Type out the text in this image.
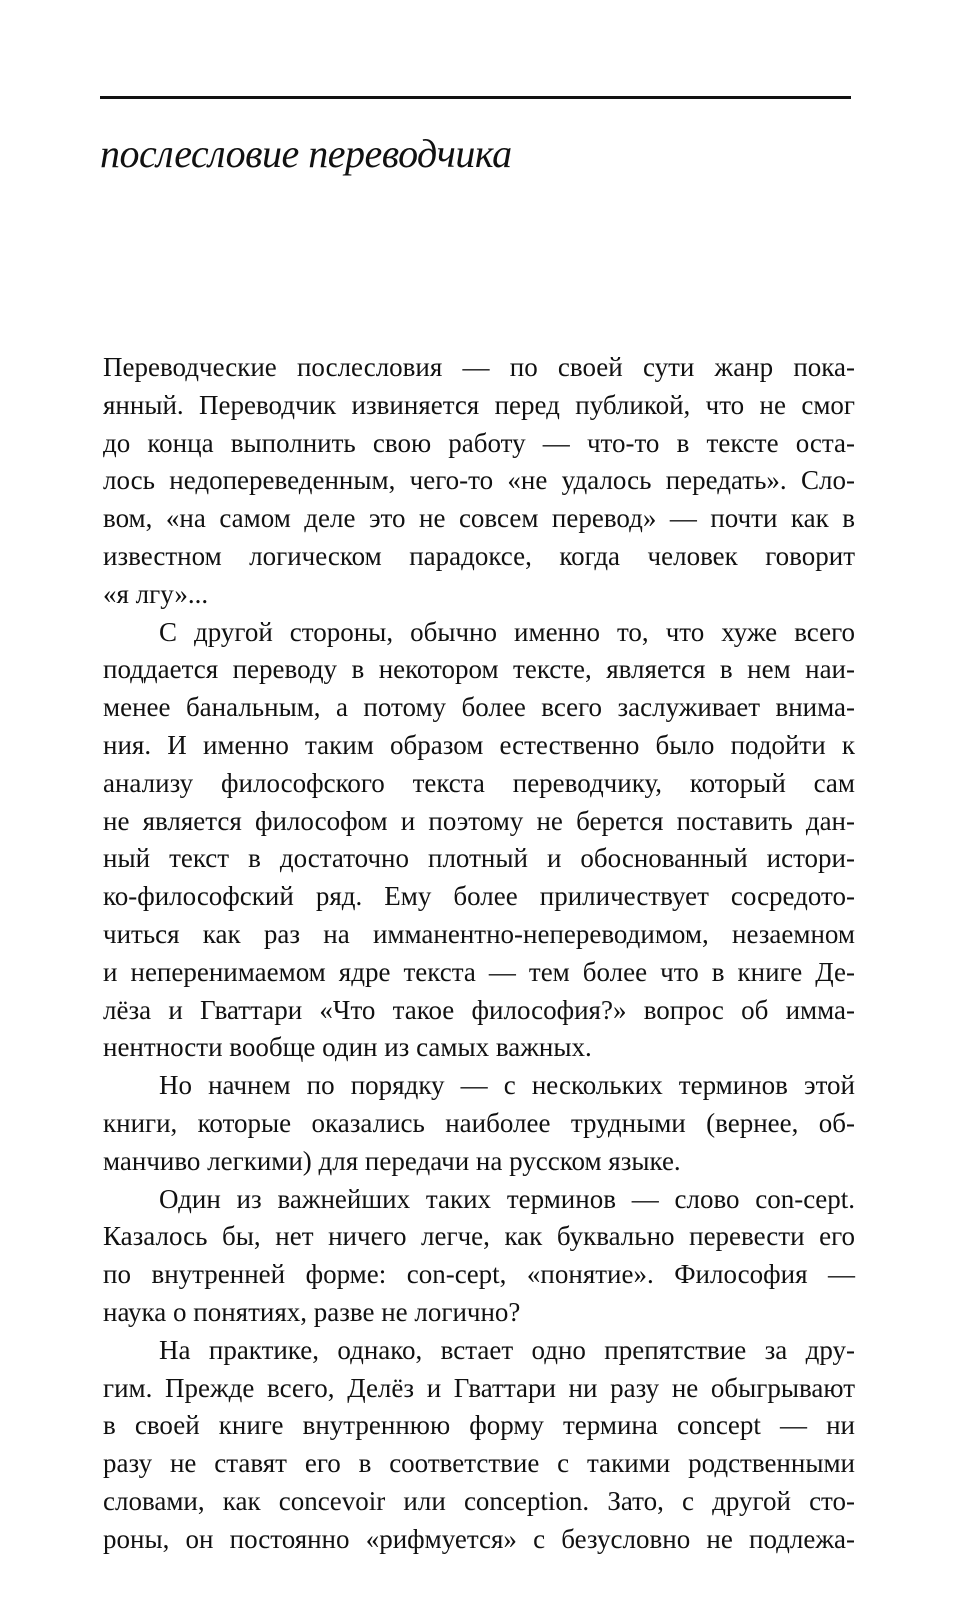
послесловие переводчика

Переводческие послесловия — по своей сути жанр пока-
янный. Переводчик извиняется перед публикой, что не смог
до конца выполнить свою работу — что-то в тексте оста-
лось недопереведенным, чего-то «не удалось передать». Сло-
вом, «на самом деле это не совсем перевод» — почти как в
известном логическом парадоксе, когда человек говорит
«я лгу»...

С другой стороны, обычно именно то, что хуже всего
поддается переводу в некотором тексте, является в нем наи-
менее банальным, а потому более всего заслуживает внима-
ния. И именно таким образом естественно было подойти к
анализу философского текста переводчику, который сам
не является философом и поэтому не берется поставить дан-
ный текст в достаточно плотный и обоснованный истори-
ко-философский ряд. Ему более приличествует сосредото-
читься как раз на имманентно-непереводимом, незаемном
и неперенимаемом ядре текста — тем более что в книге Де-
лёза и Гваттари «Что такое философия?» вопрос об имма-
нентности вообще один из самых важных.

Но начнем по порядку — с нескольких терминов этой
книги, которые оказались наиболее трудными (вернее, об-
манчиво легкими) для передачи на русском языке.

Один из важнейших таких терминов — слово con-cept.
Казалось бы, нет ничего легче, как буквально перевести его
по внутренней форме: con-cept, «понятие». Философия —
наука о понятиях, разве не логично?

На практике, однако, встает одно препятствие за дру-
гим. Прежде всего, Делёз и Гваттари ни разу не обыгрывают
в своей книге внутреннюю форму термина concept — ни
разу не ставят его в соответствие с такими родственными
словами, как concevoir или conception. Зато, с другой сто-
роны, он постоянно «рифмуется» с безусловно не подлежа-
